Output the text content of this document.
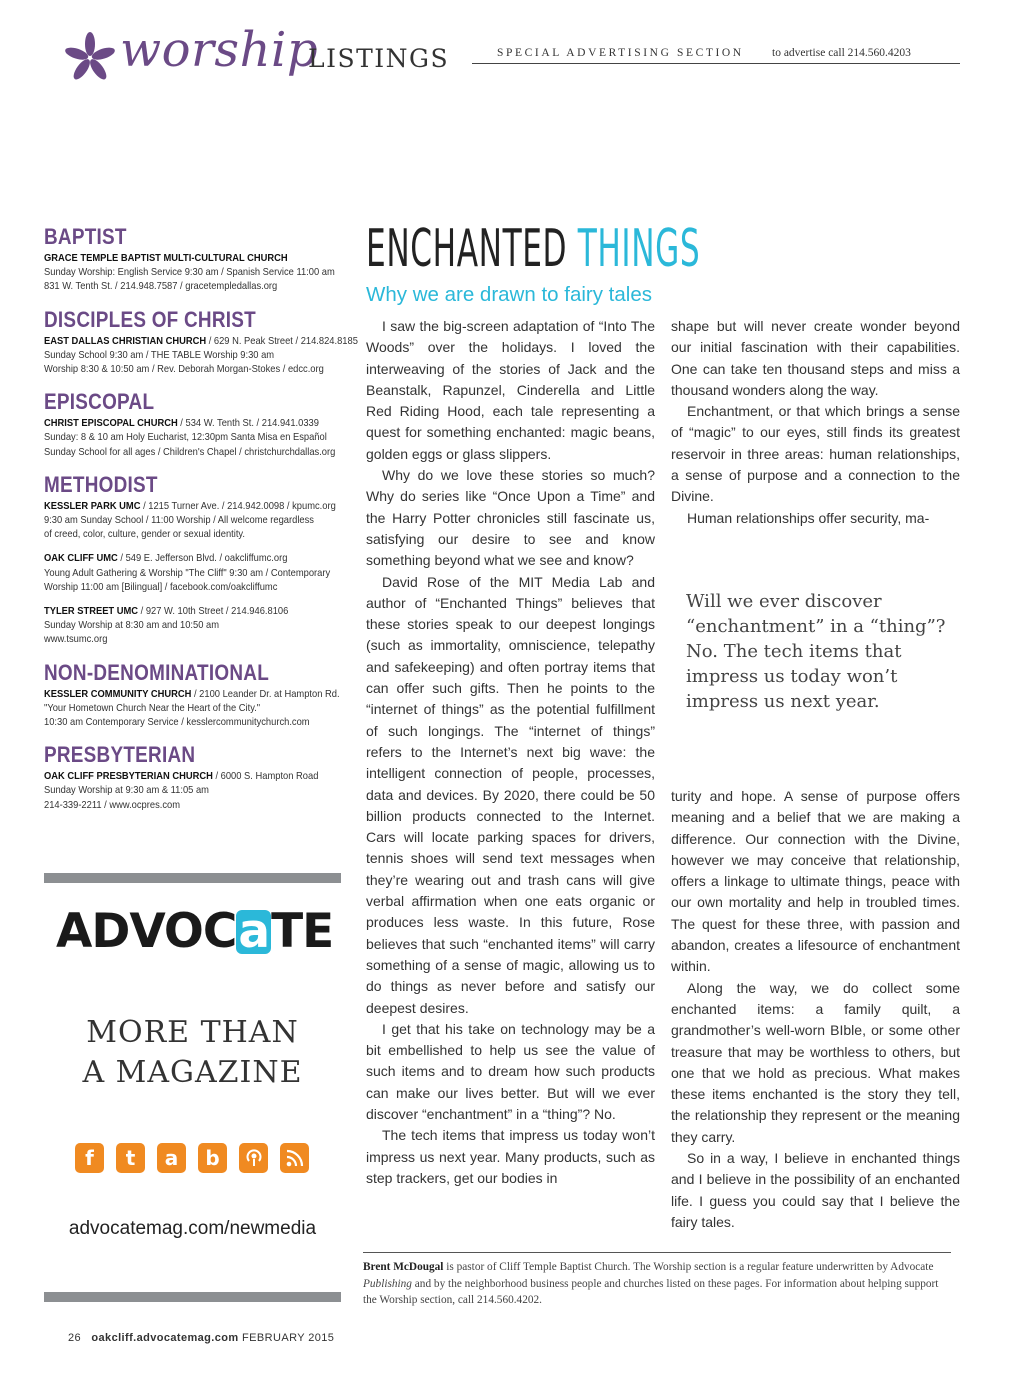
worship
LISTINGS	SPECIAL ADVERTISING SECTION to advertise call 214.560.4203
BAPTIST
GRACE TEMPLE BAPTIST MULTI-CULTURAL CHURCH
Sunday Worship: English Service 9:30 am / Spanish Service 11:00 am
831 W. Tenth St. / 214.948.7587 / gracetempledallas.org
DISCIPLES OF CHRIST
EAST DALLAS CHRISTIAN CHURCH / 629 N. Peak Street / 214.824.8185
Sunday School 9:30 am / THE TABLE Worship 9:30 am
Worship 8:30 & 10:50 am / Rev. Deborah Morgan-Stokes / edcc.org
EPISCOPAL
CHRIST EPISCOPAL CHURCH / 534 W. Tenth St. / 214.941.0339
Sunday: 8 & 10 am Holy Eucharist, 12:30pm Santa Misa en Español
Sunday School for all ages / Children's Chapel / christchurchdallas.org
METHODIST
KESSLER PARK UMC / 1215 Turner Ave. / 214.942.0098 / kpumc.org
9:30 am Sunday School / 11:00 Worship / All welcome regardless
of creed, color, culture, gender or sexual identity.
OAK CLIFF UMC / 549 E. Jefferson Blvd. / oakcliffumc.org
Young Adult Gathering & Worship "The Cliff" 9:30 am / Contemporary
Worship 11:00 am [Bilingual] / facebook.com/oakcliffumc
TYLER STREET UMC / 927 W. 10th Street / 214.946.8106
Sunday Worship at 8:30 am and 10:50 am
www.tsumc.org
NON-DENOMINATIONAL
KESSLER COMMUNITY CHURCH / 2100 Leander Dr. at Hampton Rd.
"Your Hometown Church Near the Heart of the City."
10:30 am Contemporary Service / kesslercommunitychurch.com
PRESBYTERIAN
OAK CLIFF PRESBYTERIAN CHURCH / 6000 S. Hampton Road
Sunday Worship at 9:30 am & 11:05 am
214-339-2211 / www.ocpres.com
ADVOCaTE
MORE THAN
A MAGAZINE
f	t	a	b
advocatemag.com/newmedia
26 oakcliff.advocatemag.com FEBRUARY 2015
ENCHANTED THINGS
Why we are drawn to fairy tales

I saw the big-screen adaptation of “Into The Woods” over the holidays. I loved the interweaving of the stories of Jack and the Beanstalk, Rapunzel, Cinderella and Little Red Riding Hood, each tale representing a quest for something enchanted: magic beans, golden eggs or glass slippers.

Why do we love these stories so much? Why do series like “Once Upon a Time” and the Harry Potter chronicles still fascinate us, satisfying our desire to see and know something beyond what we see and know?

David Rose of the MIT Media Lab and author of “Enchanted Things” believes that these stories speak to our deepest longings (such as immortality, omniscience, telepathy and safekeeping) and often portray items that can offer such gifts. Then he points to the “internet of things” as the potential fulfillment of such longings. The “internet of things” refers to the Internet’s next big wave: the intelligent connection of people, processes, data and devices. By 2020, there could be 50 billion products connected to the Internet. Cars will locate parking spaces for drivers, tennis shoes will send text messages when they’re wearing out and trash cans will give verbal affirmation when one eats organic or produces less waste. In this future, Rose believes that such “enchanted items” will carry something of a sense of magic, allowing us to do things as never before and satisfy our deepest desires.

I get that his take on technology may be a bit embellished to help us see the value of such items and to dream how such products can make our lives better. But will we ever discover “enchantment” in a “thing”? No.

The tech items that impress us today won’t impress us next year. Many products, such as step trackers, get our bodies in

shape but will never create wonder beyond our initial fascination with their capabilities. One can take ten thousand steps and miss a thousand wonders along the way.

Enchantment, or that which brings a sense of “magic” to our eyes, still finds its greatest reservoir in three areas: human relationships, a sense of purpose and a connection to the Divine.

Human relationships offer security, ma-

Will we ever discover “enchantment” in a “thing”? No. The tech items that impress us today won’t impress us next year.

turity and hope. A sense of purpose offers meaning and a belief that we are making a difference. Our connection with the Divine, however we may conceive that relationship, offers a linkage to ultimate things, peace with our own mortality and help in troubled times. The quest for these three, with passion and abandon, creates a lifesource of enchantment within.

Along the way, we do collect some enchanted items: a family quilt, a grandmother’s well-worn BIble, or some other treasure that may be worthless to others, but one that we hold as precious. What makes these items enchanted is the story they tell, the relationship they represent or the meaning they carry.

So in a way, I believe in enchanted things and I believe in the possibility of an enchanted life. I guess you could say that I believe the fairy tales.

Brent McDougal is pastor of Cliff Temple Baptist Church. The Worship section is a regular feature underwritten by Advocate Publishing and by the neighborhood business people and churches listed on these pages. For information about helping support the Worship section, call 214.560.4202.
